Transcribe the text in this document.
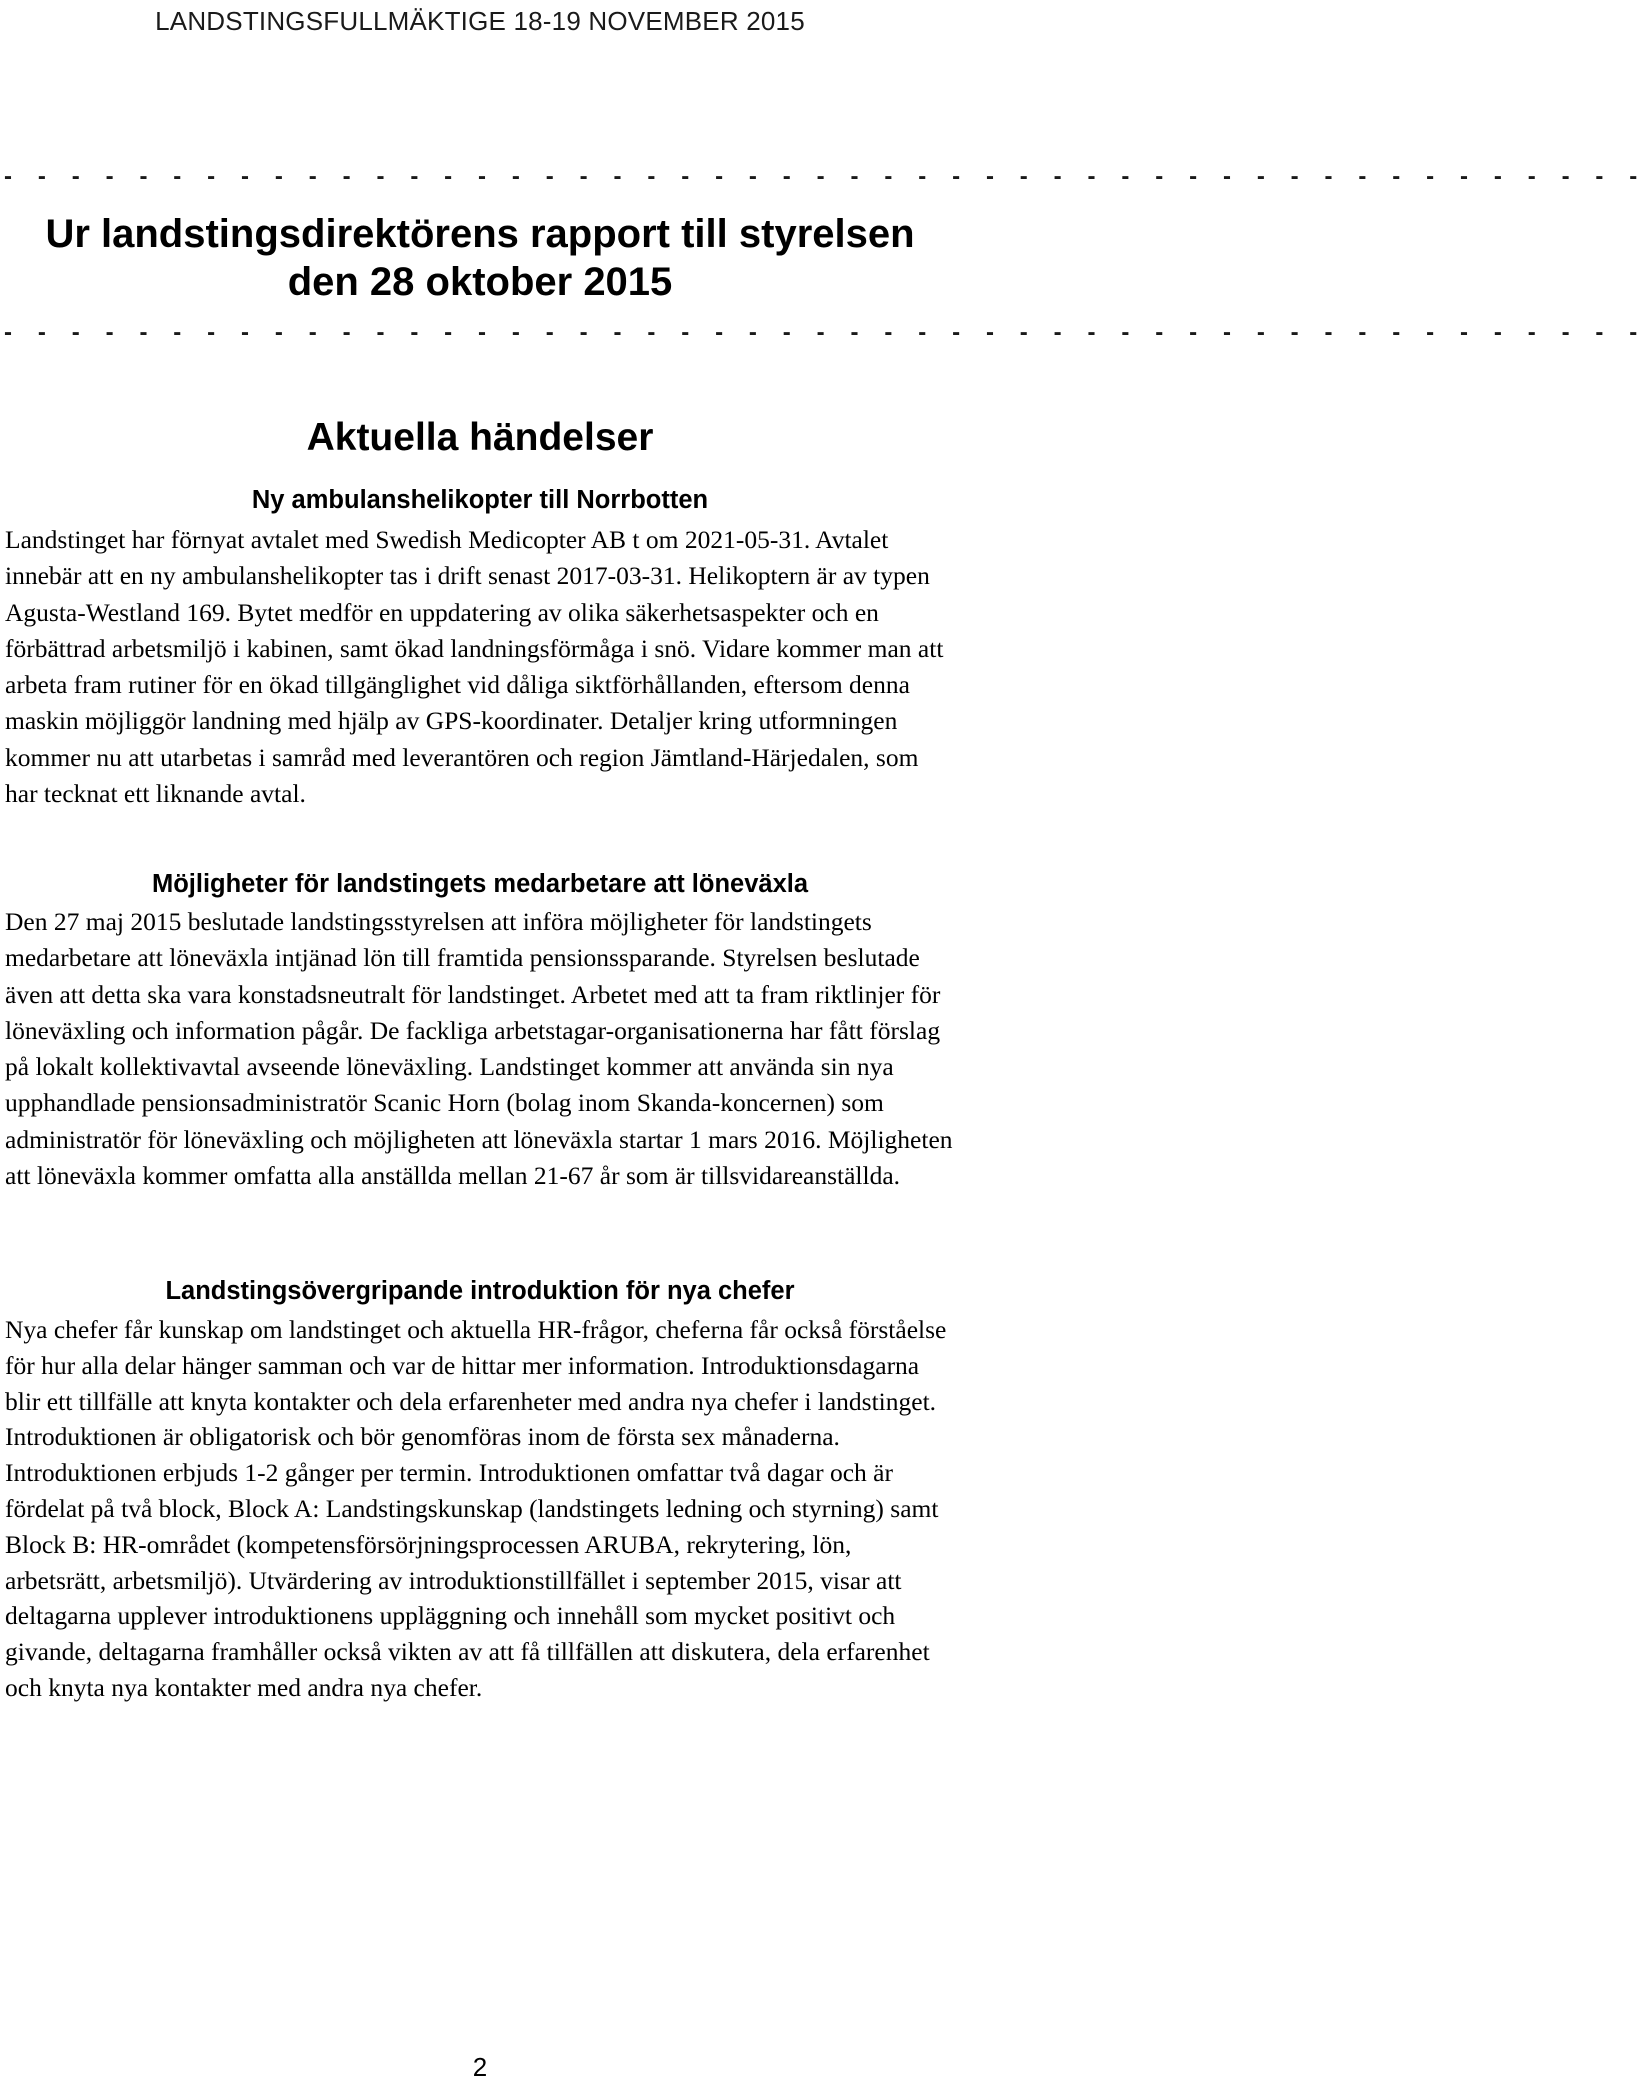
LANDSTINGSFULLMÄKTIGE 18-19 NOVEMBER 2015
- - - - - - - - - - - - - - - - - - - - - - - - - - - - - - - - - - - - - - - - - - - - - - - - -
Ur landstingsdirektörens rapport till styrelsen
den 28 oktober 2015
- - - - - - - - - - - - - - - - - - - - - - - - - - - - - - - - - - - - - - - - - - - - - - - - -
Aktuella händelser
Ny ambulanshelikopter till Norrbotten

Landstinget har förnyat avtalet med Swedish Medicopter AB t om 2021-05-31. Avtalet innebär att en ny ambulanshelikopter tas i drift senast 2017-03-31. Helikoptern är av typen Agusta-Westland 169. Bytet medför en uppdatering av olika säkerhetsaspekter och en förbättrad arbetsmiljö i kabinen, samt ökad landningsförmåga i snö. Vidare kommer man att arbeta fram rutiner för en ökad tillgänglighet vid dåliga siktförhållanden, eftersom denna maskin möjliggör landning med hjälp av GPS-koordinater. Detaljer kring utformningen kommer nu att utarbetas i samråd med leverantören och region Jämtland-Härjedalen, som har tecknat ett liknande avtal.

Möjligheter för landstingets medarbetare att löneväxla

Den 27 maj 2015 beslutade landstingsstyrelsen att införa möjligheter för landstingets medarbetare att löneväxla intjänad lön till framtida pensionssparande. Styrelsen beslutade även att detta ska vara konstadsneutralt för landstinget. Arbetet med att ta fram riktlinjer för löneväxling och information pågår. De fackliga arbetstagar-organisationerna har fått förslag på lokalt kollektivavtal avseende löneväxling. Landstinget kommer att använda sin nya upphandlade pensionsadministratör Scanic Horn (bolag inom Skanda-koncernen) som administratör för löneväxling och möjligheten att löneväxla startar 1 mars 2016. Möjligheten att löneväxla kommer omfatta alla anställda mellan 21-67 år som är tillsvidareanställda.

Landstingsövergripande introduktion för nya chefer

Nya chefer får kunskap om landstinget och aktuella HR-frågor, cheferna får också förståelse för hur alla delar hänger samman och var de hittar mer information. Introduktionsdagarna blir ett tillfälle att knyta kontakter och dela erfarenheter med andra nya chefer i landstinget. Introduktionen är obligatorisk och bör genomföras inom de första sex månaderna. Introduktionen erbjuds 1-2 gånger per termin. Introduktionen omfattar två dagar och är fördelat på två block, Block A: Landstingskunskap (landstingets ledning och styrning) samt Block B: HR-området (kompetensförsörjningsprocessen ARUBA, rekrytering, lön, arbetsrätt, arbetsmiljö). Utvärdering av introduktionstillfället i september 2015, visar att deltagarna upplever introduktionens uppläggning och innehåll som mycket positivt och givande, deltagarna framhåller också vikten av att få tillfällen att diskutera, dela erfarenhet och knyta nya kontakter med andra nya chefer.

2
